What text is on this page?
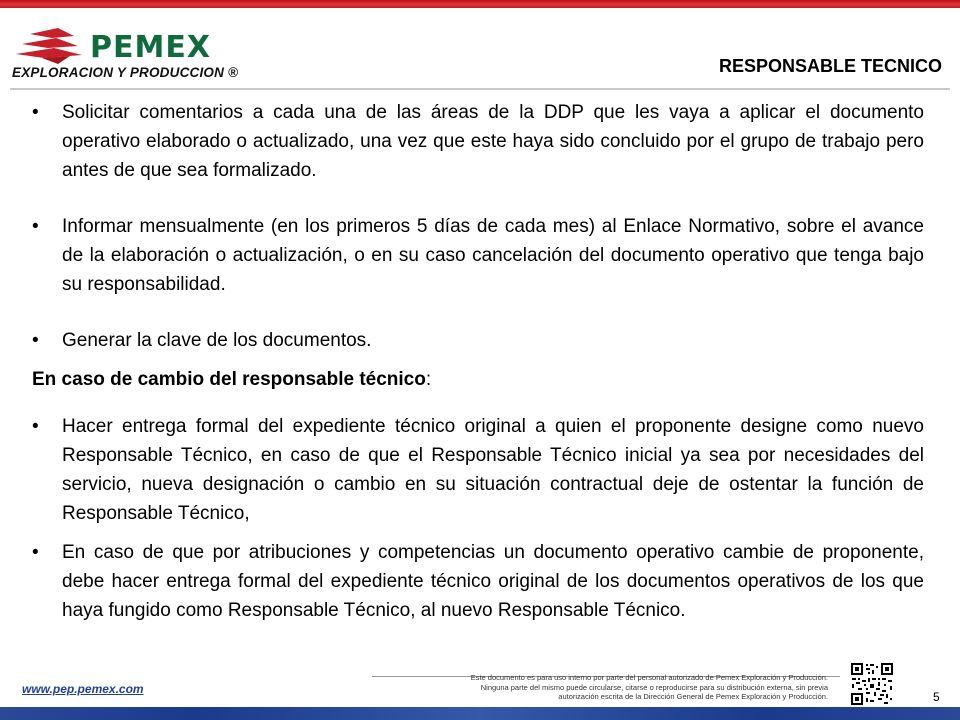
PEMEX
EXPLORACION Y PRODUCCION ®	RESPONSABLE TECNICO
• Solicitar comentarios a cada una de las áreas de la DDP que les vaya a aplicar el documento operativo elaborado o actualizado, una vez que este haya sido concluido por el grupo de trabajo pero antes de que sea formalizado.
• Informar mensualmente (en los primeros 5 días de cada mes) al Enlace Normativo, sobre el avance de la elaboración o actualización, o en su caso cancelación del documento operativo que tenga bajo su responsabilidad.
• Generar la clave de los documentos.
En caso de cambio del responsable técnico:
• Hacer entrega formal del expediente técnico original a quien el proponente designe como nuevo Responsable Técnico, en caso de que el Responsable Técnico inicial ya sea por necesidades del servicio, nueva designación o cambio en su situación contractual deje de ostentar la función de Responsable Técnico,
• En caso de que por atribuciones y competencias un documento operativo cambie de proponente, debe hacer entrega formal del expediente técnico original de los documentos operativos de los que haya fungido como Responsable Técnico, al nuevo Responsable Técnico.
www.pep.pemex.com
Este documento es para uso interno por parte del personal autorizado de Pemex Exploración y Producción.
Ninguna parte del mismo puede circularse, citarse o reproducirse para su distribución externa, sin previa
autorización escrita de la Dirección General de Pemex Exploración y Producción.	5
